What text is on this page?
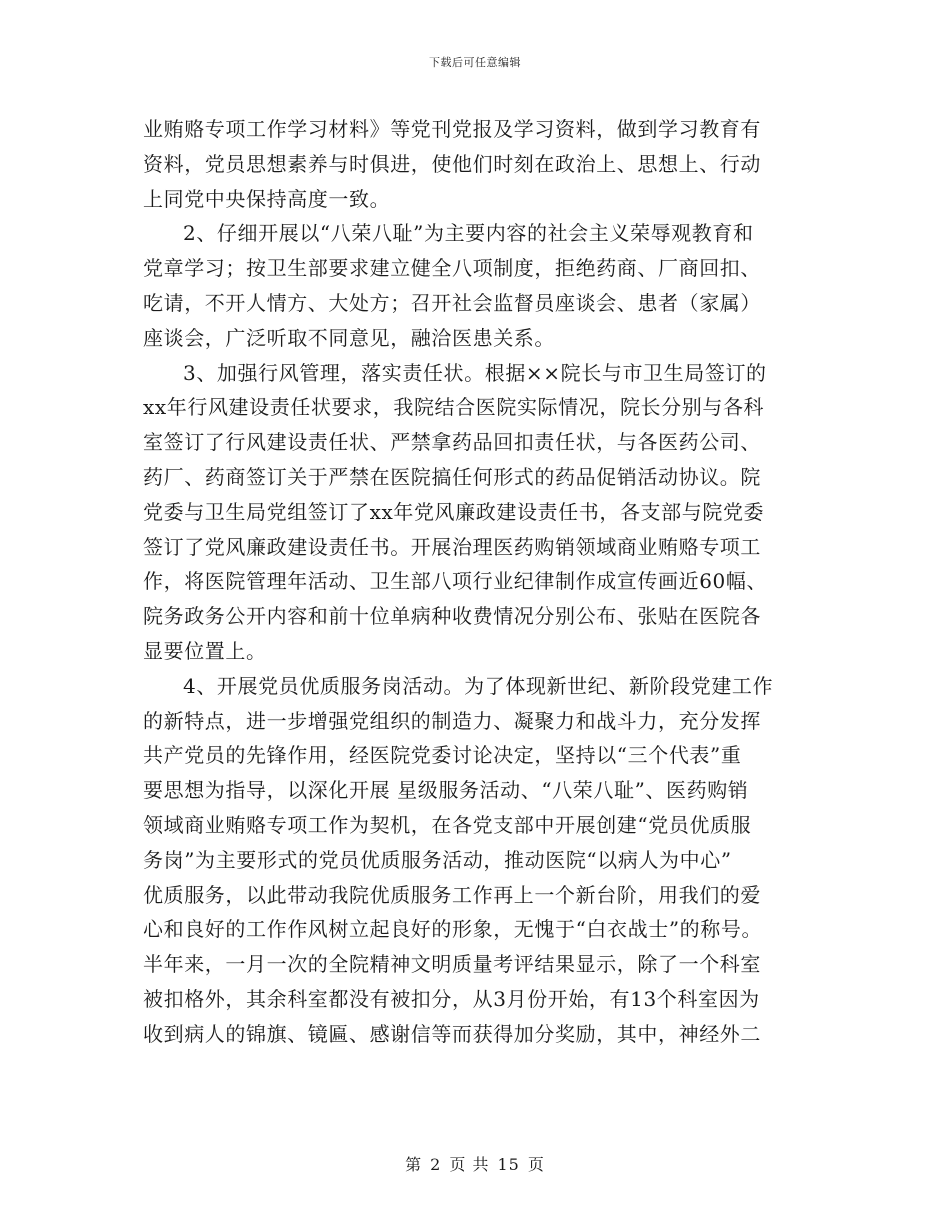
下载后可任意编辑
业贿赂专项工作学习材料》等党刊党报及学习资料，做到学习教育有
资料，党员思想素养与时俱进，使他们时刻在政治上、思想上、行动
上同党中央保持高度一致。
2、仔细开展以“八荣八耻”为主要内容的社会主义荣辱观教育和
党章学习；按卫生部要求建立健全八项制度，拒绝药商、厂商回扣、
吃请，不开人情方、大处方；召开社会监督员座谈会、患者（家属）
座谈会，广泛听取不同意见，融洽医患关系。
3、加强行风管理，落实责任状。根据××院长与市卫生局签订的
xx年行风建设责任状要求，我院结合医院实际情况，院长分别与各科
室签订了行风建设责任状、严禁拿药品回扣责任状，与各医药公司、
药厂、药商签订关于严禁在医院搞任何形式的药品促销活动协议。院
党委与卫生局党组签订了xx年党风廉政建设责任书，各支部与院党委
签订了党风廉政建设责任书。开展治理医药购销领域商业贿赂专项工
作，将医院管理年活动、卫生部八项行业纪律制作成宣传画近60幅、
院务政务公开内容和前十位单病种收费情况分别公布、张贴在医院各
显要位置上。
4、开展党员优质服务岗活动。为了体现新世纪、新阶段党建工作
的新特点，进一步增强党组织的制造力、凝聚力和战斗力，充分发挥
共产党员的先锋作用，经医院党委讨论决定，坚持以“三个代表”重
要思想为指导，以深化开展 星级服务活动、“八荣八耻”、医药购销
领域商业贿赂专项工作为契机，在各党支部中开展创建“党员优质服
务岗”为主要形式的党员优质服务活动，推动医院“以病人为中心”
优质服务，以此带动我院优质服务工作再上一个新台阶，用我们的爱
心和良好的工作作风树立起良好的形象，无愧于“白衣战士”的称号。
半年来，一月一次的全院精神文明质量考评结果显示，除了一个科室
被扣格外，其余科室都没有被扣分，从3月份开始，有13个科室因为
收到病人的锦旗、镜匾、感谢信等而获得加分奖励，其中，神经外二
第 2 页 共 15 页
